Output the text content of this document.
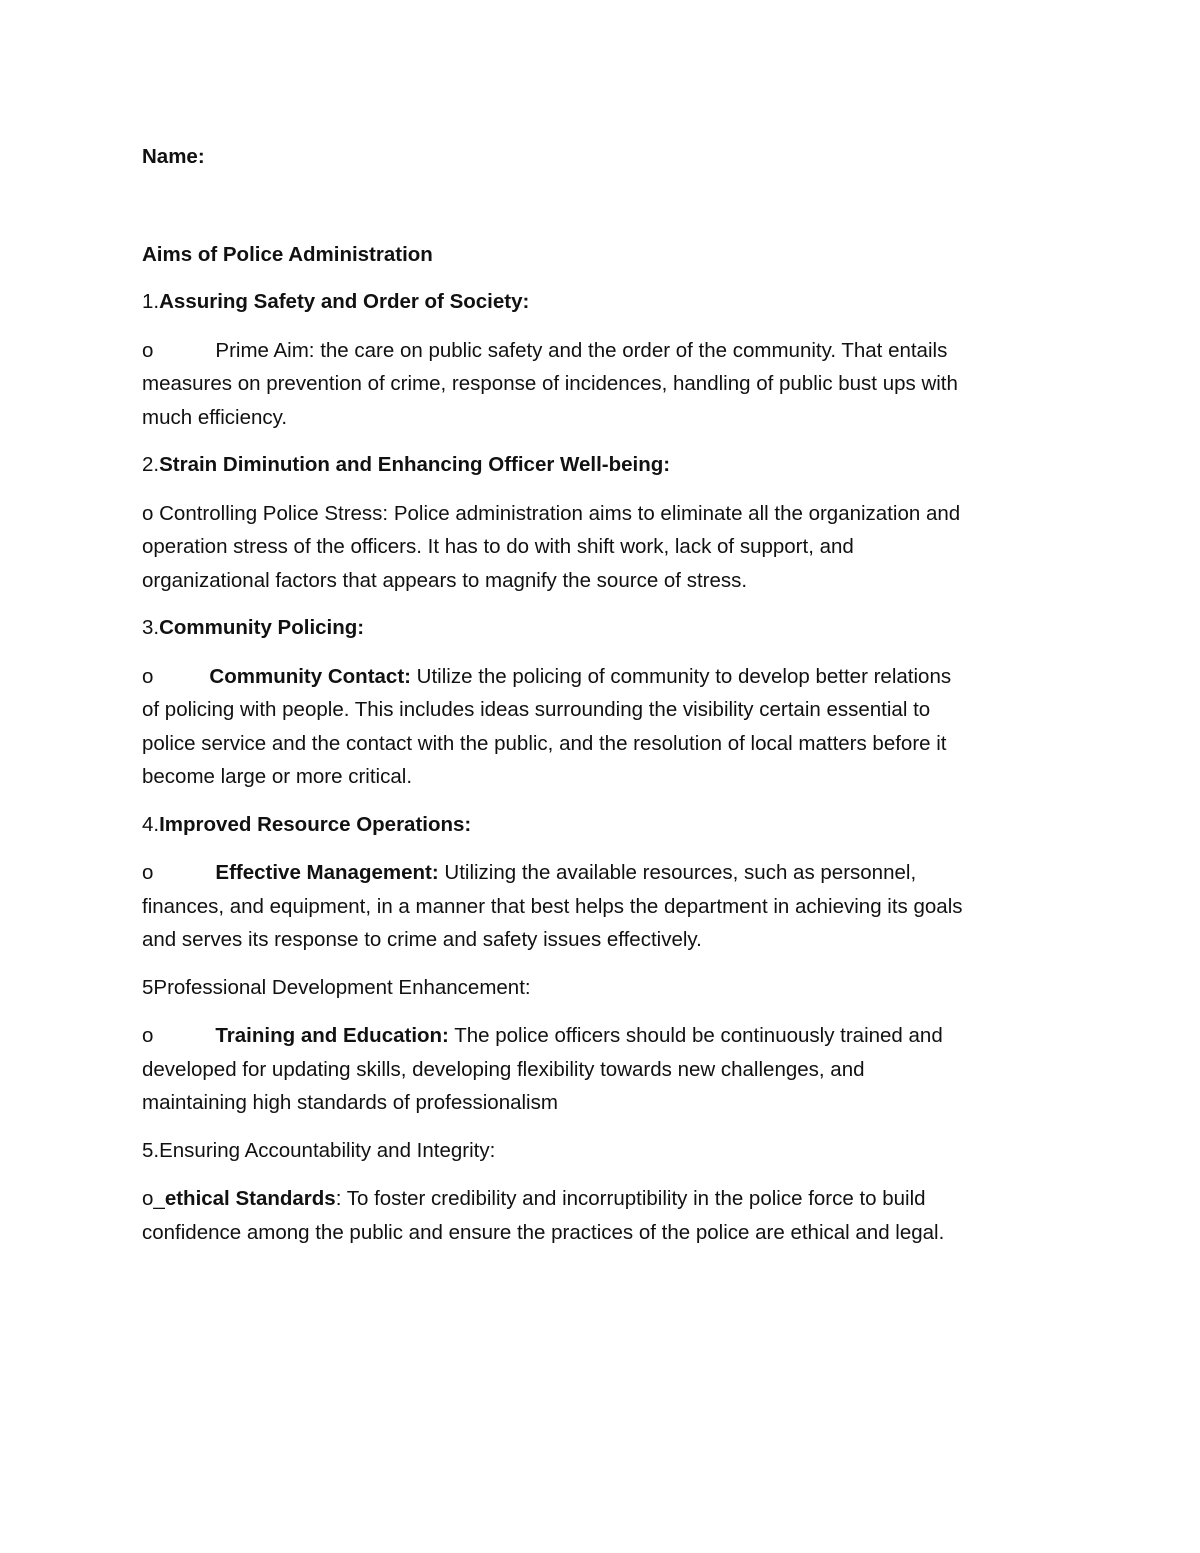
Name:
Aims of Police Administration
1.Assuring Safety and Order of Society:
o	Prime Aim: the care on public safety and the order of the community. That entails
measures on prevention of crime, response of incidences, handling of public bust ups with
much efficiency.
2.Strain Diminution and Enhancing Officer Well-being:
o Controlling Police Stress: Police administration aims to eliminate all the organization and
operation stress of the officers. It has to do with shift work, lack of support, and
organizational factors that appears to magnify the source of stress.
3.Community Policing:
o	Community Contact: Utilize the policing of community to develop better relations
of policing with people. This includes ideas surrounding the visibility certain essential to
police service and the contact with the public, and the resolution of local matters before it
become large or more critical.
4.Improved Resource Operations:
o	Effective Management: Utilizing the available resources, such as personnel,
finances, and equipment, in a manner that best helps the department in achieving its goals
and serves its response to crime and safety issues effectively.
5Professional Development Enhancement:
o	Training and Education: The police officers should be continuously trained and
developed for updating skills, developing flexibility towards new challenges, and
maintaining high standards of professionalism
5.Ensuring Accountability and Integrity:
o_ethical Standards: To foster credibility and incorruptibility in the police force to build
confidence among the public and ensure the practices of the police are ethical and legal.
